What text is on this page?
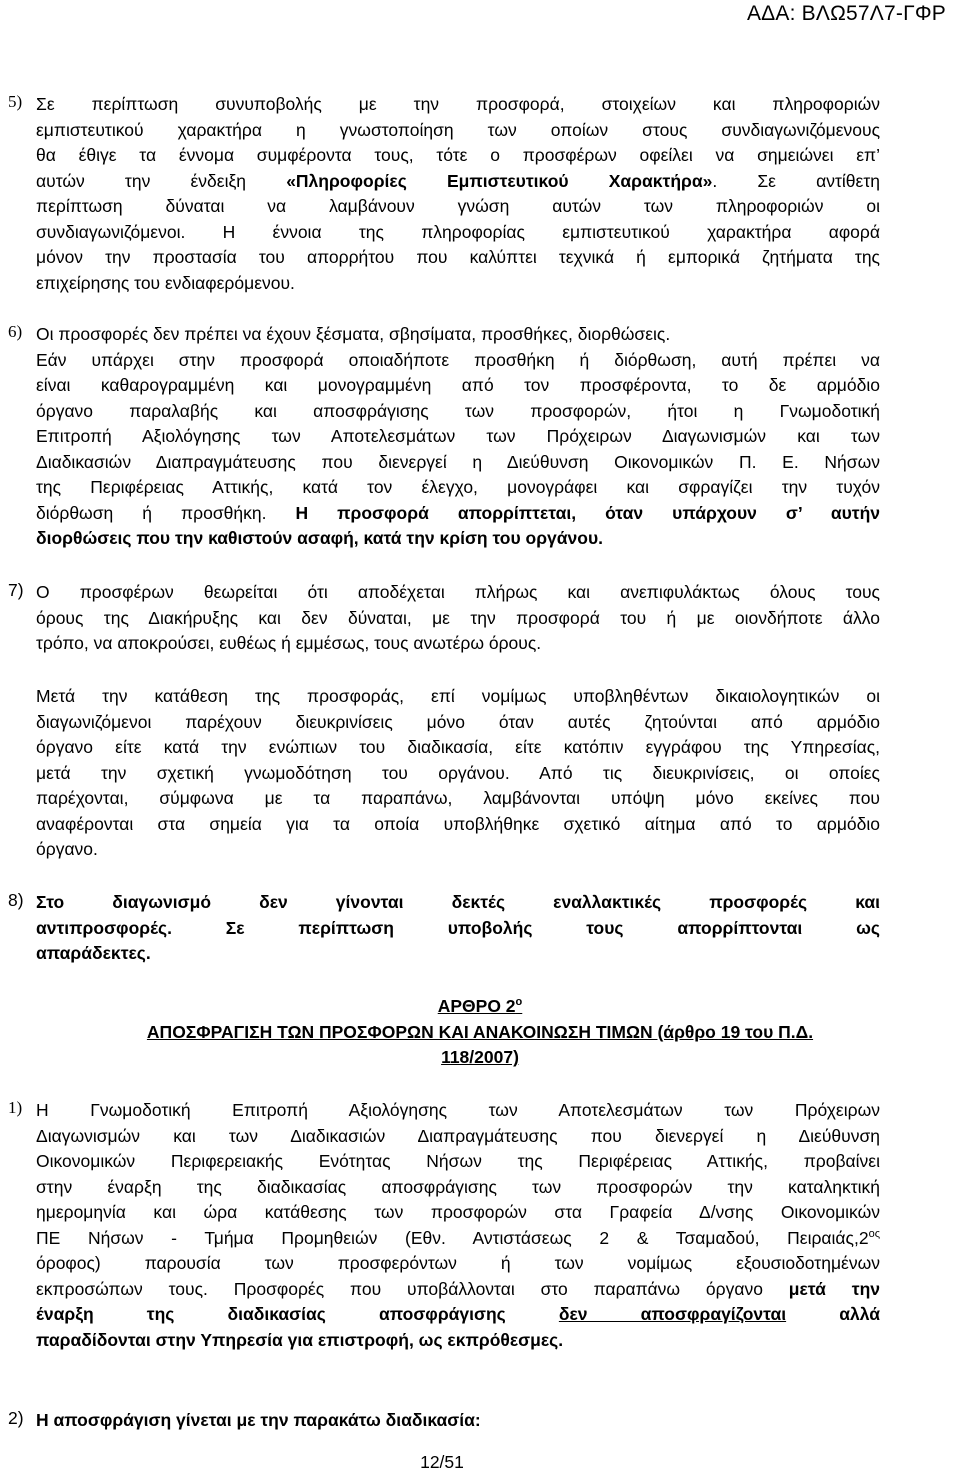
ΑΔΑ: ΒΛΩ57Λ7-ΓΦΡ
5) Σε περίπτωση συνυποβολής με την προσφορά, στοιχείων και πληροφοριών
εμπιστευτικού χαρακτήρα η γνωστοποίηση των οποίων στους συνδιαγωνιζόμενους
θα έθιγε τα έννομα συμφέροντα τους, τότε ο προσφέρων οφείλει να σημειώνει επ’
αυτών την ένδειξη «Πληροφορίες Εμπιστευτικού Χαρακτήρα». Σε αντίθετη
περίπτωση δύναται να λαμβάνουν γνώση αυτών των πληροφοριών οι
συνδιαγωνιζόμενοι. Η έννοια της πληροφορίας εμπιστευτικού χαρακτήρα αφορά
μόνον την προστασία του απορρήτου που καλύπτει τεχνικά ή εμπορικά ζητήματα της
επιχείρησης του ενδιαφερόμενου.
6) Οι προσφορές δεν πρέπει να έχουν ξέσματα, σβησίματα, προσθήκες, διορθώσεις.
Εάν υπάρχει στην προσφορά οποιαδήποτε προσθήκη ή διόρθωση, αυτή πρέπει να
είναι καθαρογραμμένη και μονογραμμένη από τον προσφέροντα, το δε αρμόδιο
όργανο παραλαβής και αποσφράγισης των προσφορών, ήτοι η Γνωμοδοτική
Επιτροπή Αξιολόγησης των Αποτελεσμάτων των Πρόχειρων Διαγωνισμών και των
Διαδικασιών Διαπραγμάτευσης που διενεργεί η Διεύθυνση Οικονομικών Π. Ε. Νήσων
της Περιφέρειας Αττικής, κατά τον έλεγχο, μονογράφει και σφραγίζει την τυχόν
διόρθωση ή προσθήκη. Η προσφορά απορρίπτεται, όταν υπάρχουν σ’ αυτήν
διορθώσεις που την καθιστούν ασαφή, κατά την κρίση του οργάνου.
7) Ο προσφέρων θεωρείται ότι αποδέχεται πλήρως και ανεπιφυλάκτως όλους τους
όρους της Διακήρυξης και δεν δύναται, με την προσφορά του ή με οιονδήποτε άλλο
τρόπο, να αποκρούσει, ευθέως ή εμμέσως, τους ανωτέρω όρους.
Μετά την κατάθεση της προσφοράς, επί νομίμως υποβληθέντων δικαιολογητικών οι
διαγωνιζόμενοι παρέχουν διευκρινίσεις μόνο όταν αυτές ζητούνται από αρμόδιο
όργανο είτε κατά την ενώπιων του διαδικασία, είτε κατόπιν εγγράφου της Υπηρεσίας,
μετά την σχετική γνωμοδότηση του οργάνου. Από τις διευκρινίσεις, οι οποίες
παρέχονται, σύμφωνα με τα παραπάνω, λαμβάνονται υπόψη μόνο εκείνες που
αναφέρονται στα σημεία για τα οποία υποβλήθηκε σχετικό αίτημα από το αρμόδιο
όργανο.
8) Στο διαγωνισμό δεν γίνονται δεκτές εναλλακτικές προσφορές και
αντιπροσφορές. Σε περίπτωση υποβολής τους απορρίπτονται ως
απαράδεκτες.
ΑΡΘΡΟ $2^o$
ΑΠΟΣΦΡΑΓΙΣΗ ΤΩΝ ΠΡΟΣΦΟΡΩΝ ΚΑΙ ΑΝΑΚΟΙΝΩΣΗ ΤΙΜΩΝ (άρθρο 19 του Π.Δ.
118/2007)
1) Η Γνωμοδοτική Επιτροπή Αξιολόγησης των Αποτελεσμάτων των Πρόχειρων
Διαγωνισμών και των Διαδικασιών Διαπραγμάτευσης που διενεργεί η Διεύθυνση
Οικονομικών Περιφερειακής Ενότητας Νήσων της Περιφέρειας Αττικής, προβαίνει
στην έναρξη της διαδικασίας αποσφράγισης των προσφορών την καταληκτική
ημερομηνία και ώρα κατάθεσης των προσφορών στα Γραφεία Δ/νσης Οικονομικών
ΠΕ Νήσων - Τμήμα Προμηθειών (Εθν. Αντιστάσεως 2 & Τσαμαδού, $\Pi\varepsilon\iota\rho\alpha\iota ά\varsigma,2^{o\varsigma}$
όροφος) παρουσία των προσφερόντων ή των νομίμως εξουσιοδοτημένων
εκπροσώπων τους. Προσφορές που υποβάλλονται στο παραπάνω όργανο μετά την
έναρξη της διαδικασίας αποσφράγισης δεν αποσφραγίζονται αλλά
παραδίδονται στην Υπηρεσία για επιστροφή, ως εκπρόθεσμες.
2) Η αποσφράγιση γίνεται με την παρακάτω διαδικασία:
12/51
